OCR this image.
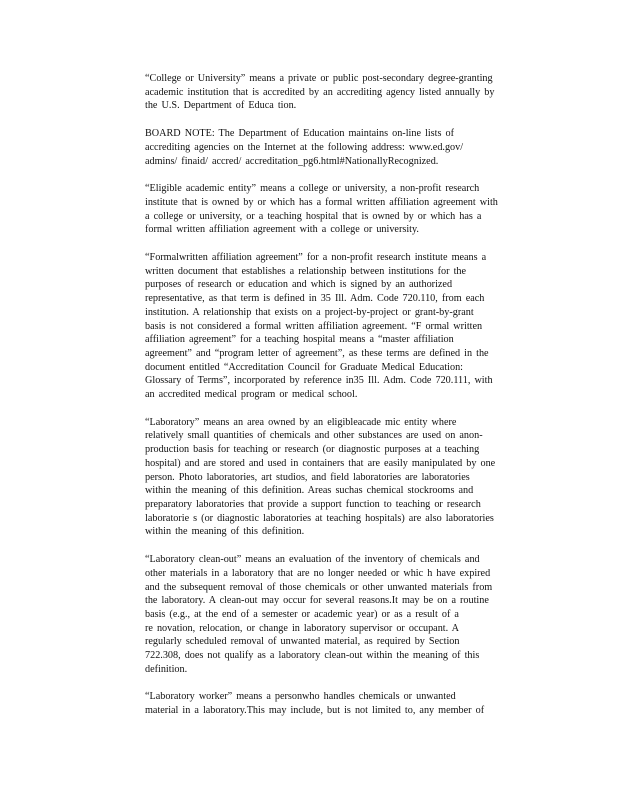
“College or University” means a private or public post-secondary degree-granting
academic institution that is accredited by an accrediting agency listed annually by
the U.S. Department of Educa tion.

BOARD NOTE: The Department of Education maintains on-line lists of
accrediting agencies on the Internet at the following address: www.ed.gov/
admins/ finaid/ accred/ accreditation_pg6.html#NationallyRecognized.

“Eligible academic entity” means a college or university, a non-profit research
institute that is owned by or which has a formal written affiliation agreement with
a college or university, or a teaching hospital that is owned by or which has a
formal written affiliation agreement with a college or university.

“Formalwritten affiliation agreement” for a non-profit research institute means a
written document that establishes a relationship between institutions for the
purposes of research or education and which is signed by an authorized
representative, as that term is defined in 35 Ill. Adm. Code 720.110, from each
institution. A relationship that exists on a project-by-project or grant-by-grant
basis is not considered a formal written affiliation agreement. “F ormal written
affiliation agreement” for a teaching hospital means a “master affiliation
agreement” and “program letter of agreement”, as these terms are defined in the
document entitled “Accreditation Council for Graduate Medical Education:
Glossary of Terms”, incorporated by reference in35 Ill. Adm. Code 720.111, with
an accredited medical program or medical school.

“Laboratory” means an area owned by an eligibleacade mic entity where
relatively small quantities of chemicals and other substances are used on anon-
production basis for teaching or research (or diagnostic purposes at a teaching
hospital) and are stored and used in containers that are easily manipulated by one
person. Photo laboratories, art studios, and field laboratories are laboratories
within the meaning of this definition. Areas suchas chemical stockrooms and
preparatory laboratories that provide a support function to teaching or research
laboratorie s (or diagnostic laboratories at teaching hospitals) are also laboratories
within the meaning of this definition.

“Laboratory clean-out” means an evaluation of the inventory of chemicals and
other materials in a laboratory that are no longer needed or whic h have expired
and the subsequent removal of those chemicals or other unwanted materials from
the laboratory. A clean-out may occur for several reasons.It may be on a routine
basis (e.g., at the end of a semester or academic year) or as a result of a
re novation, relocation, or change in laboratory supervisor or occupant. A
regularly scheduled removal of unwanted material, as required by Section
722.308, does not qualify as a laboratory clean-out within the meaning of this
definition.

“Laboratory worker” means a personwho handles chemicals or unwanted
material in a laboratory.This may include, but is not limited to, any member of
